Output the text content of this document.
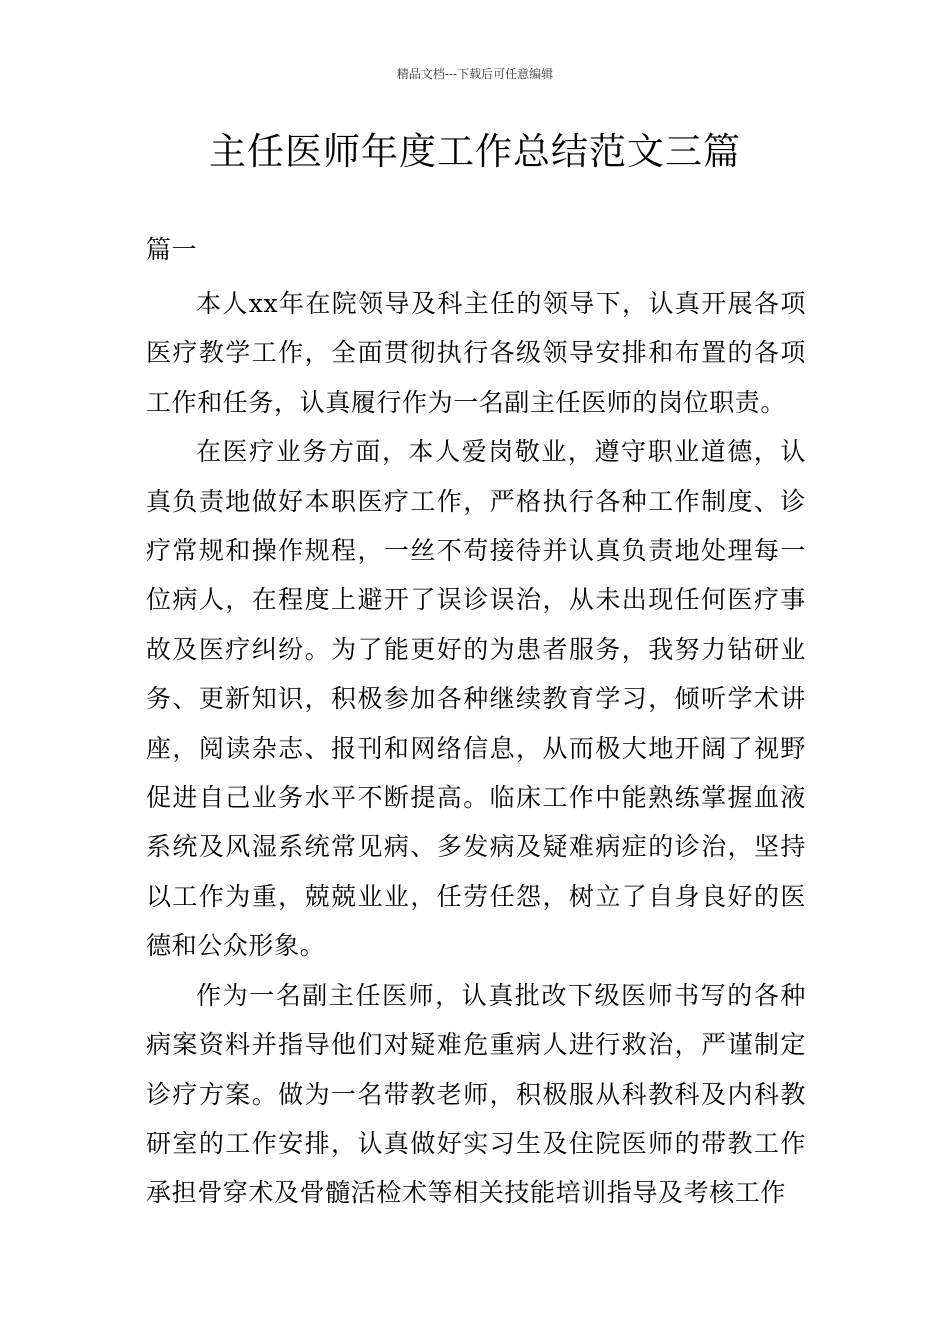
精品文档---下载后可任意编辑
主任医师年度工作总结范文三篇
篇一

本人xx年在院领导及科主任的领导下，认真开展各项医疗教学工作，全面贯彻执行各级领导安排和布置的各项工作和任务，认真履行作为一名副主任医师的岗位职责。

在医疗业务方面，本人爱岗敬业，遵守职业道德，认真负责地做好本职医疗工作，严格执行各种工作制度、诊疗常规和操作规程，一丝不苟接待并认真负责地处理每一位病人，在程度上避开了误诊误治，从未出现任何医疗事故及医疗纠纷。为了能更好的为患者服务，我努力钻研业务、更新知识，积极参加各种继续教育学习，倾听学术讲座，阅读杂志、报刊和网络信息，从而极大地开阔了视野促进自己业务水平不断提高。临床工作中能熟练掌握血液系统及风湿系统常见病、多发病及疑难病症的诊治，坚持以工作为重，兢兢业业，任劳任怨，树立了自身良好的医德和公众形象。

作为一名副主任医师，认真批改下级医师书写的各种病案资料并指导他们对疑难危重病人进行救治，严谨制定诊疗方案。做为一名带教老师，积极服从科教科及内科教研室的工作安排，认真做好实习生及住院医师的带教工作承担骨穿术及骨髓活检术等相关技能培训指导及考核工作
